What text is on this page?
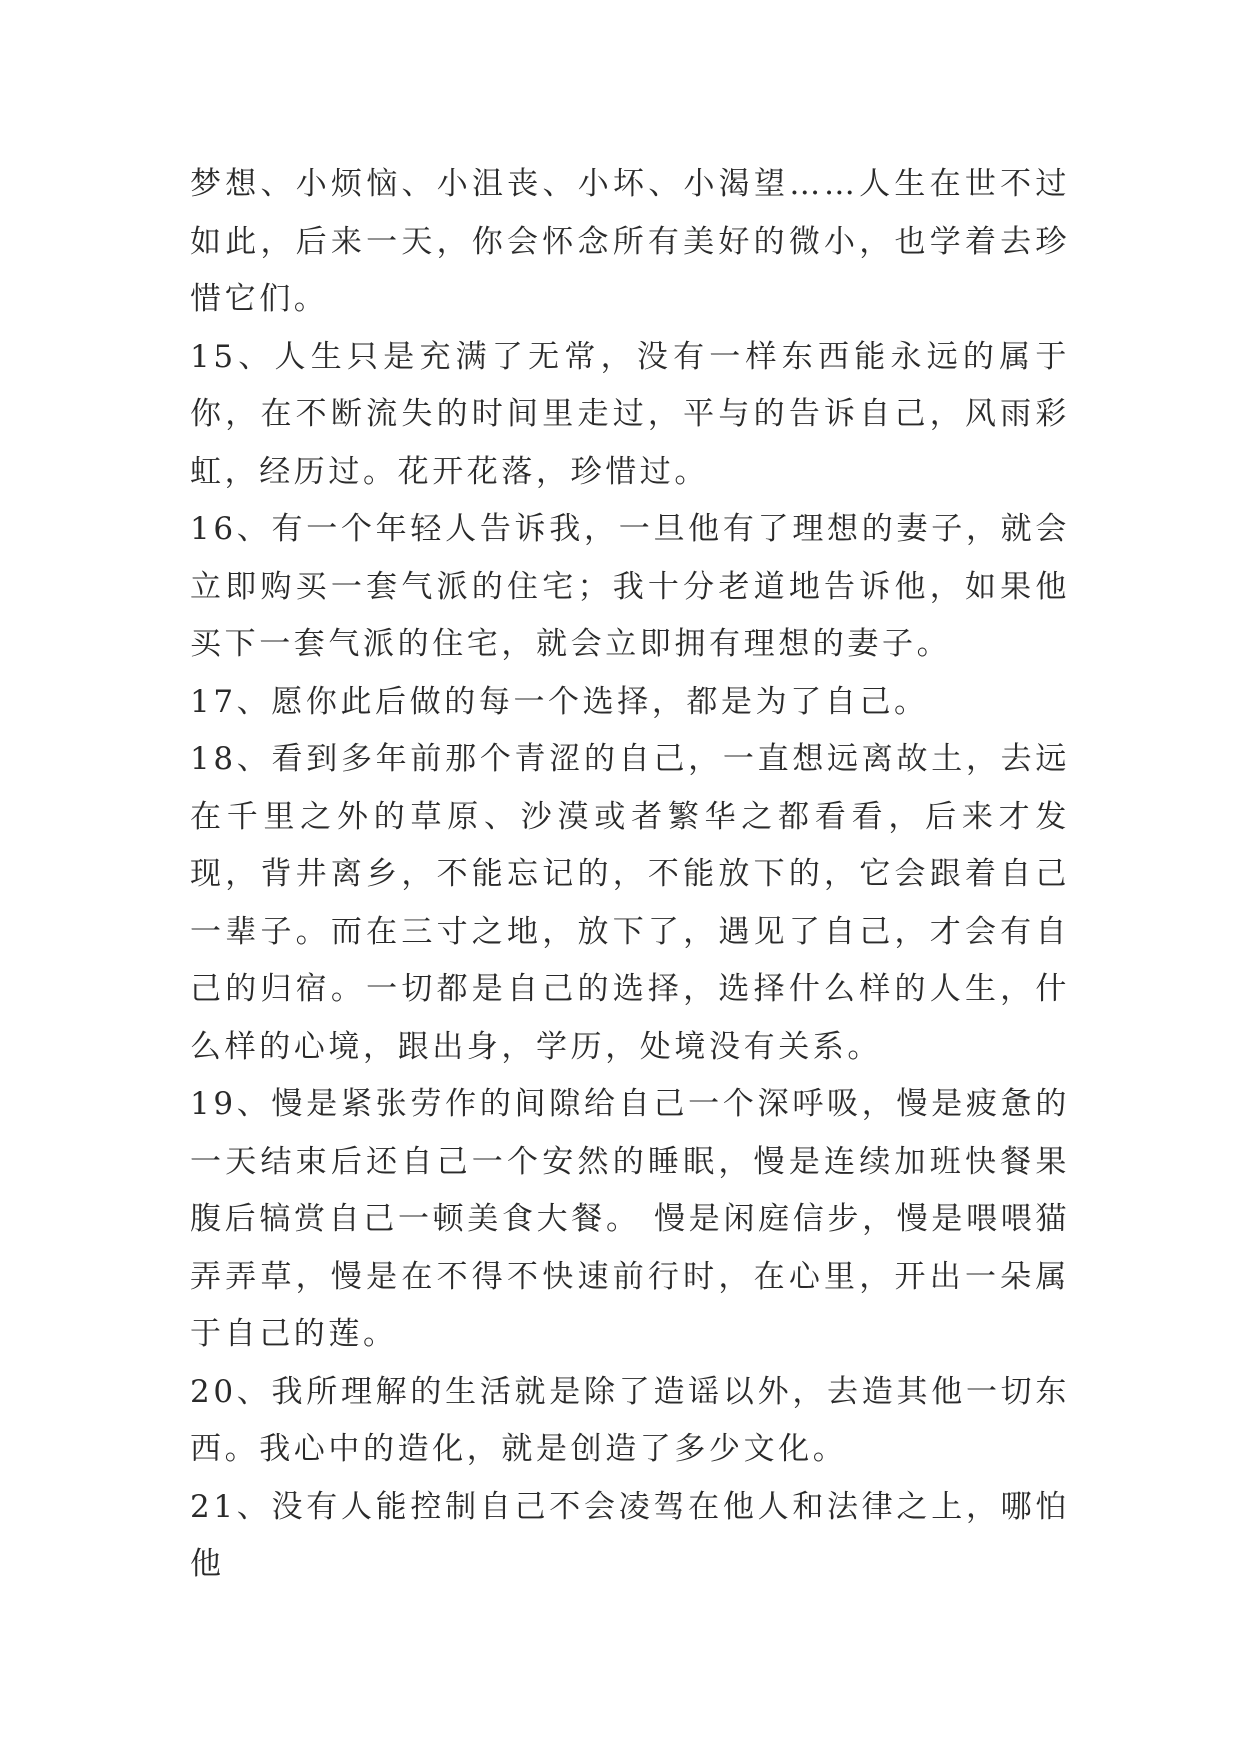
梦想、小烦恼、小沮丧、小坏、小渴望……人生在世不过如此，后来一天，你会怀念所有美好的微小，也学着去珍惜它们。

15、人生只是充满了无常，没有一样东西能永远的属于你，在不断流失的时间里走过，平与的告诉自己，风雨彩虹，经历过。花开花落，珍惜过。

16、有一个年轻人告诉我，一旦他有了理想的妻子，就会立即购买一套气派的住宅；我十分老道地告诉他，如果他买下一套气派的住宅，就会立即拥有理想的妻子。

17、愿你此后做的每一个选择，都是为了自己。

18、看到多年前那个青涩的自己，一直想远离故土，去远在千里之外的草原、沙漠或者繁华之都看看，后来才发现，背井离乡，不能忘记的，不能放下的，它会跟着自己一辈子。而在三寸之地，放下了，遇见了自己，才会有自己的归宿。一切都是自己的选择，选择什么样的人生，什么样的心境，跟出身，学历，处境没有关系。

19、慢是紧张劳作的间隙给自己一个深呼吸，慢是疲惫的一天结束后还自己一个安然的睡眠，慢是连续加班快餐果腹后犒赏自己一顿美食大餐。 慢是闲庭信步，慢是喂喂猫弄弄草，慢是在不得不快速前行时，在心里，开出一朵属于自己的莲。

20、我所理解的生活就是除了造谣以外，去造其他一切东西。我心中的造化，就是创造了多少文化。

21、没有人能控制自己不会凌驾在他人和法律之上，哪怕他
